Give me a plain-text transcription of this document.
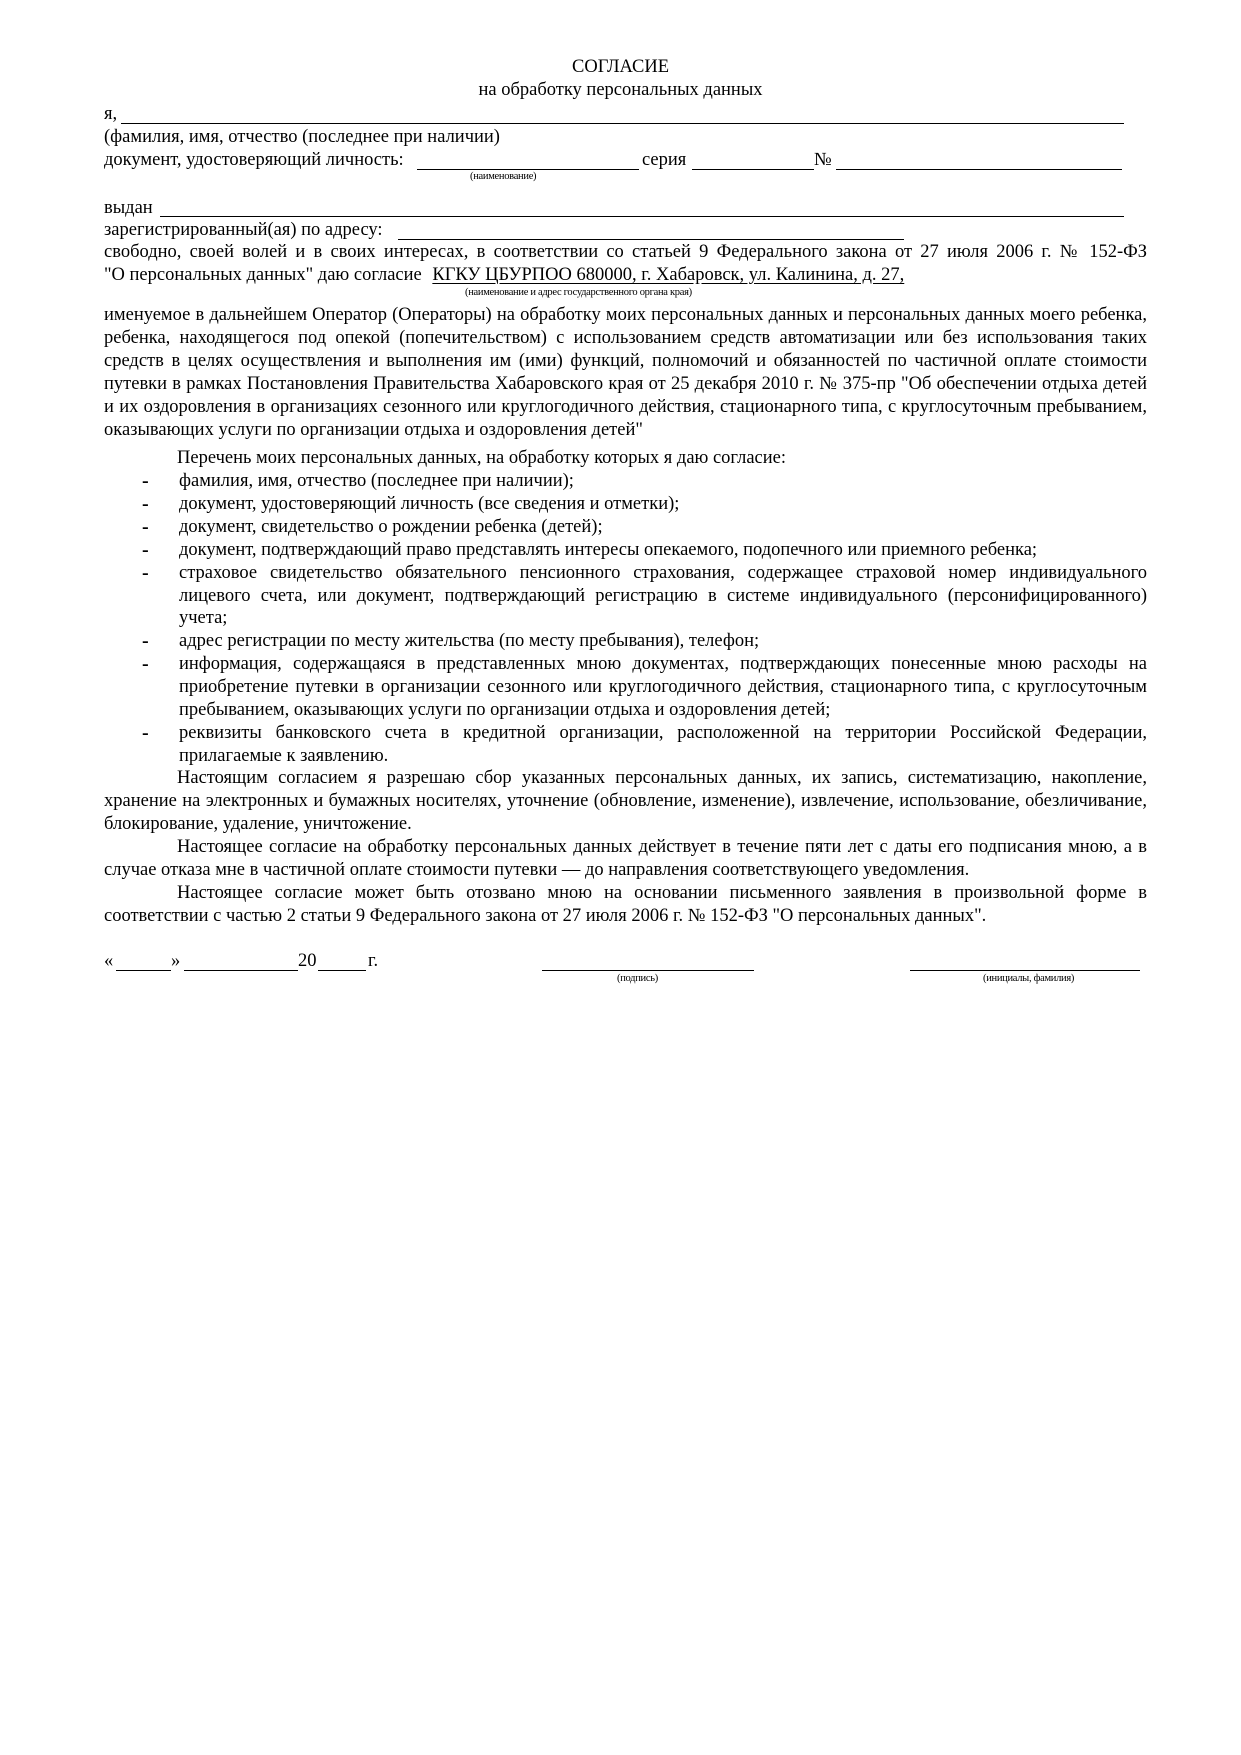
СОГЛАСИЕ
на обработку персональных данных
я,
(фамилия, имя, отчество (последнее при наличии)
документ, удостоверяющий личность:	серия	№
(наименование)
выдан
зарегистрированный(ая) по адресу:
свободно, своей волей и в своих интересах, в соответствии со статьей 9 Федерального закона от 27 июля 2006 г. № 152-ФЗ
"О персональных данных" даю согласие КГКУ ЦБУРПОО 680000, г. Хабаровск, ул. Калинина, д. 27,
(наименование и адрес государственного органа края)
именуемое в дальнейшем Оператор (Операторы) на обработку моих персональных данных и персональных данных моего ребенка, ребенка, находящегося под опекой (попечительством) с использованием средств автоматизации или без использования таких средств в целях осуществления и выполнения им (ими) функций, полномочий и обязанностей по частичной оплате стоимости путевки в рамках Постановления Правительства Хабаровского края от 25 декабря 2010 г. № 375-пр "Об обеспечении отдыха детей и их оздоровления в организациях сезонного или круглогодичного действия, стационарного типа, с круглосуточным пребыванием, оказывающих услуги по организации отдыха и оздоровления детей"
Перечень моих персональных данных, на обработку которых я даю согласие:
- фамилия, имя, отчество (последнее при наличии);
- документ, удостоверяющий личность (все сведения и отметки);
- документ, свидетельство о рождении ребенка (детей);
- документ, подтверждающий право представлять интересы опекаемого, подопечного или приемного ребенка;
- страховое свидетельство обязательного пенсионного страхования, содержащее страховой номер индивидуального лицевого счета, или документ, подтверждающий регистрацию в системе индивидуального (персонифицированного) учета;
- адрес регистрации по месту жительства (по месту пребывания), телефон;
- информация, содержащаяся в представленных мною документах, подтверждающих понесенные мною расходы на приобретение путевки в организации сезонного или круглогодичного действия, стационарного типа, с круглосуточным пребыванием, оказывающих услуги по организации отдыха и оздоровления детей;
- реквизиты банковского счета в кредитной организации, расположенной на территории Российской Федерации, прилагаемые к заявлению.
Настоящим согласием я разрешаю сбор указанных персональных данных, их запись, систематизацию, накопление, хранение на электронных и бумажных носителях, уточнение (обновление, изменение), извлечение, использование, обезличивание, блокирование, удаление, уничтожение.
Настоящее согласие на обработку персональных данных действует в течение пяти лет с даты его подписания мною, а в случае отказа мне в частичной оплате стоимости путевки — до направления соответствующего уведомления.
Настоящее согласие может быть отозвано мною на основании письменного заявления в произвольной форме в соответствии с частью 2 статьи 9 Федерального закона от 27 июля 2006 г. № 152-ФЗ "О персональных данных".
«	»	20	г.
(подпись)	(инициалы, фамилия)
